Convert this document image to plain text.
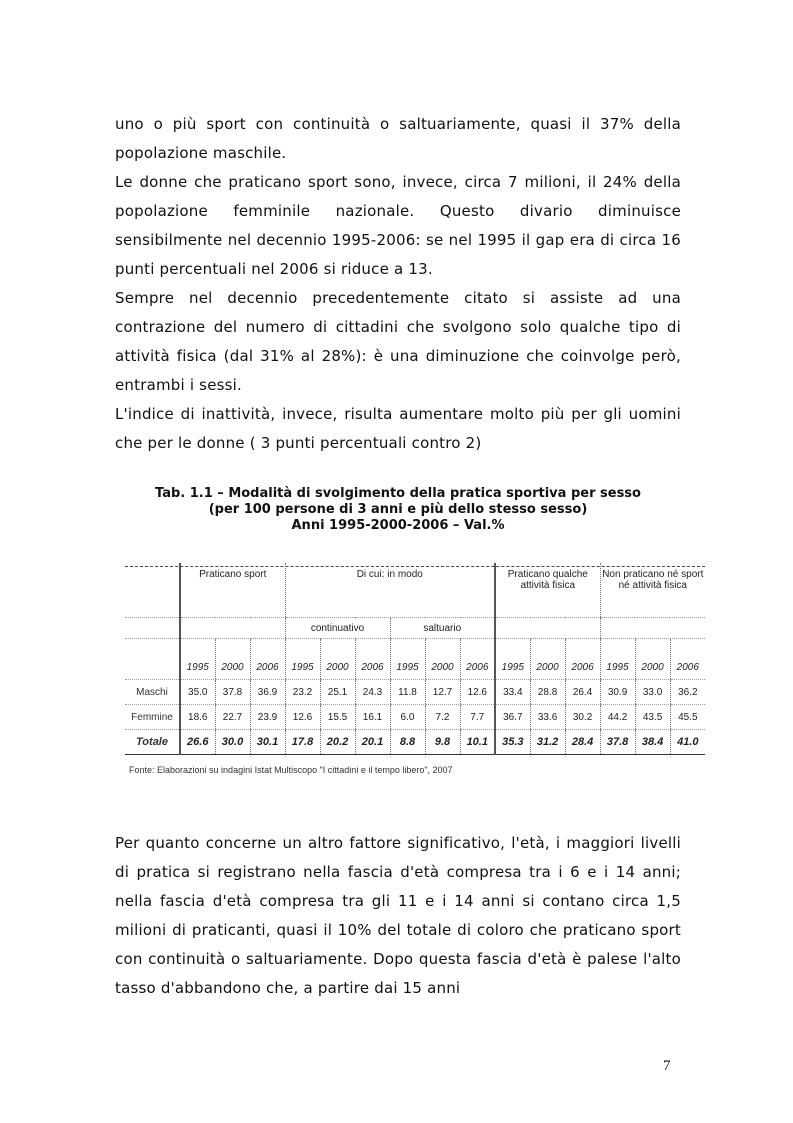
uno o più sport con continuità o saltuariamente, quasi il 37% della popolazione maschile.
Le donne che praticano sport sono, invece, circa 7 milioni, il 24% della popolazione femminile nazionale. Questo divario diminuisce sensibilmente nel decennio 1995-2006: se nel 1995 il gap era di circa 16 punti percentuali nel 2006 si riduce a 13.
Sempre nel decennio precedentemente citato si assiste ad una contrazione del numero di cittadini che svolgono solo qualche tipo di attività fisica (dal 31% al 28%): è una diminuzione che coinvolge però, entrambi i sessi.
L'indice di inattività, invece, risulta aumentare molto più per gli uomini che per le donne ( 3 punti percentuali contro 2)
Tab. 1.1 – Modalità di svolgimento della pratica sportiva per sesso
(per 100 persone di 3 anni e più dello stesso sesso)
Anni 1995-2000-2006 – Val.%
	Praticano sport			Di cui: in modo						Praticano qualche attività fisica			Non praticano né sport né attività fisica		
				continuativo			saltuario								
	1995	2000	2006	1995	2000	2006	1995	2000	2006	1995	2000	2006	1995	2000	2006
Maschi	35.0	37.8	36.9	23.2	25.1	24.3	11.8	12.7	12.6	33.4	28.8	26.4	30.9	33.0	36.2
Femmine	18.6	22.7	23.9	12.6	15.5	16.1	6.0	7.2	7.7	36.7	33.6	30.2	44.2	43.5	45.5
Totale	26.6	30.0	30.1	17.8	20.2	20.1	8.8	9.8	10.1	35.3	31.2	28.4	37.8	38.4	41.0
Fonte: Elaborazioni su indagini Istat Multiscopo "I cittadini e il tempo libero", 2007

Per quanto concerne un altro fattore significativo, l'età, i maggiori livelli di pratica si registrano nella fascia d'età compresa tra i 6 e i 14 anni; nella fascia d'età compresa tra gli 11 e i 14 anni si contano circa 1,5 milioni di praticanti, quasi il 10% del totale di coloro che praticano sport con continuità o saltuariamente. Dopo questa fascia d'età è palese l'alto tasso d'abbandono che, a partire dai 15 anni

7
